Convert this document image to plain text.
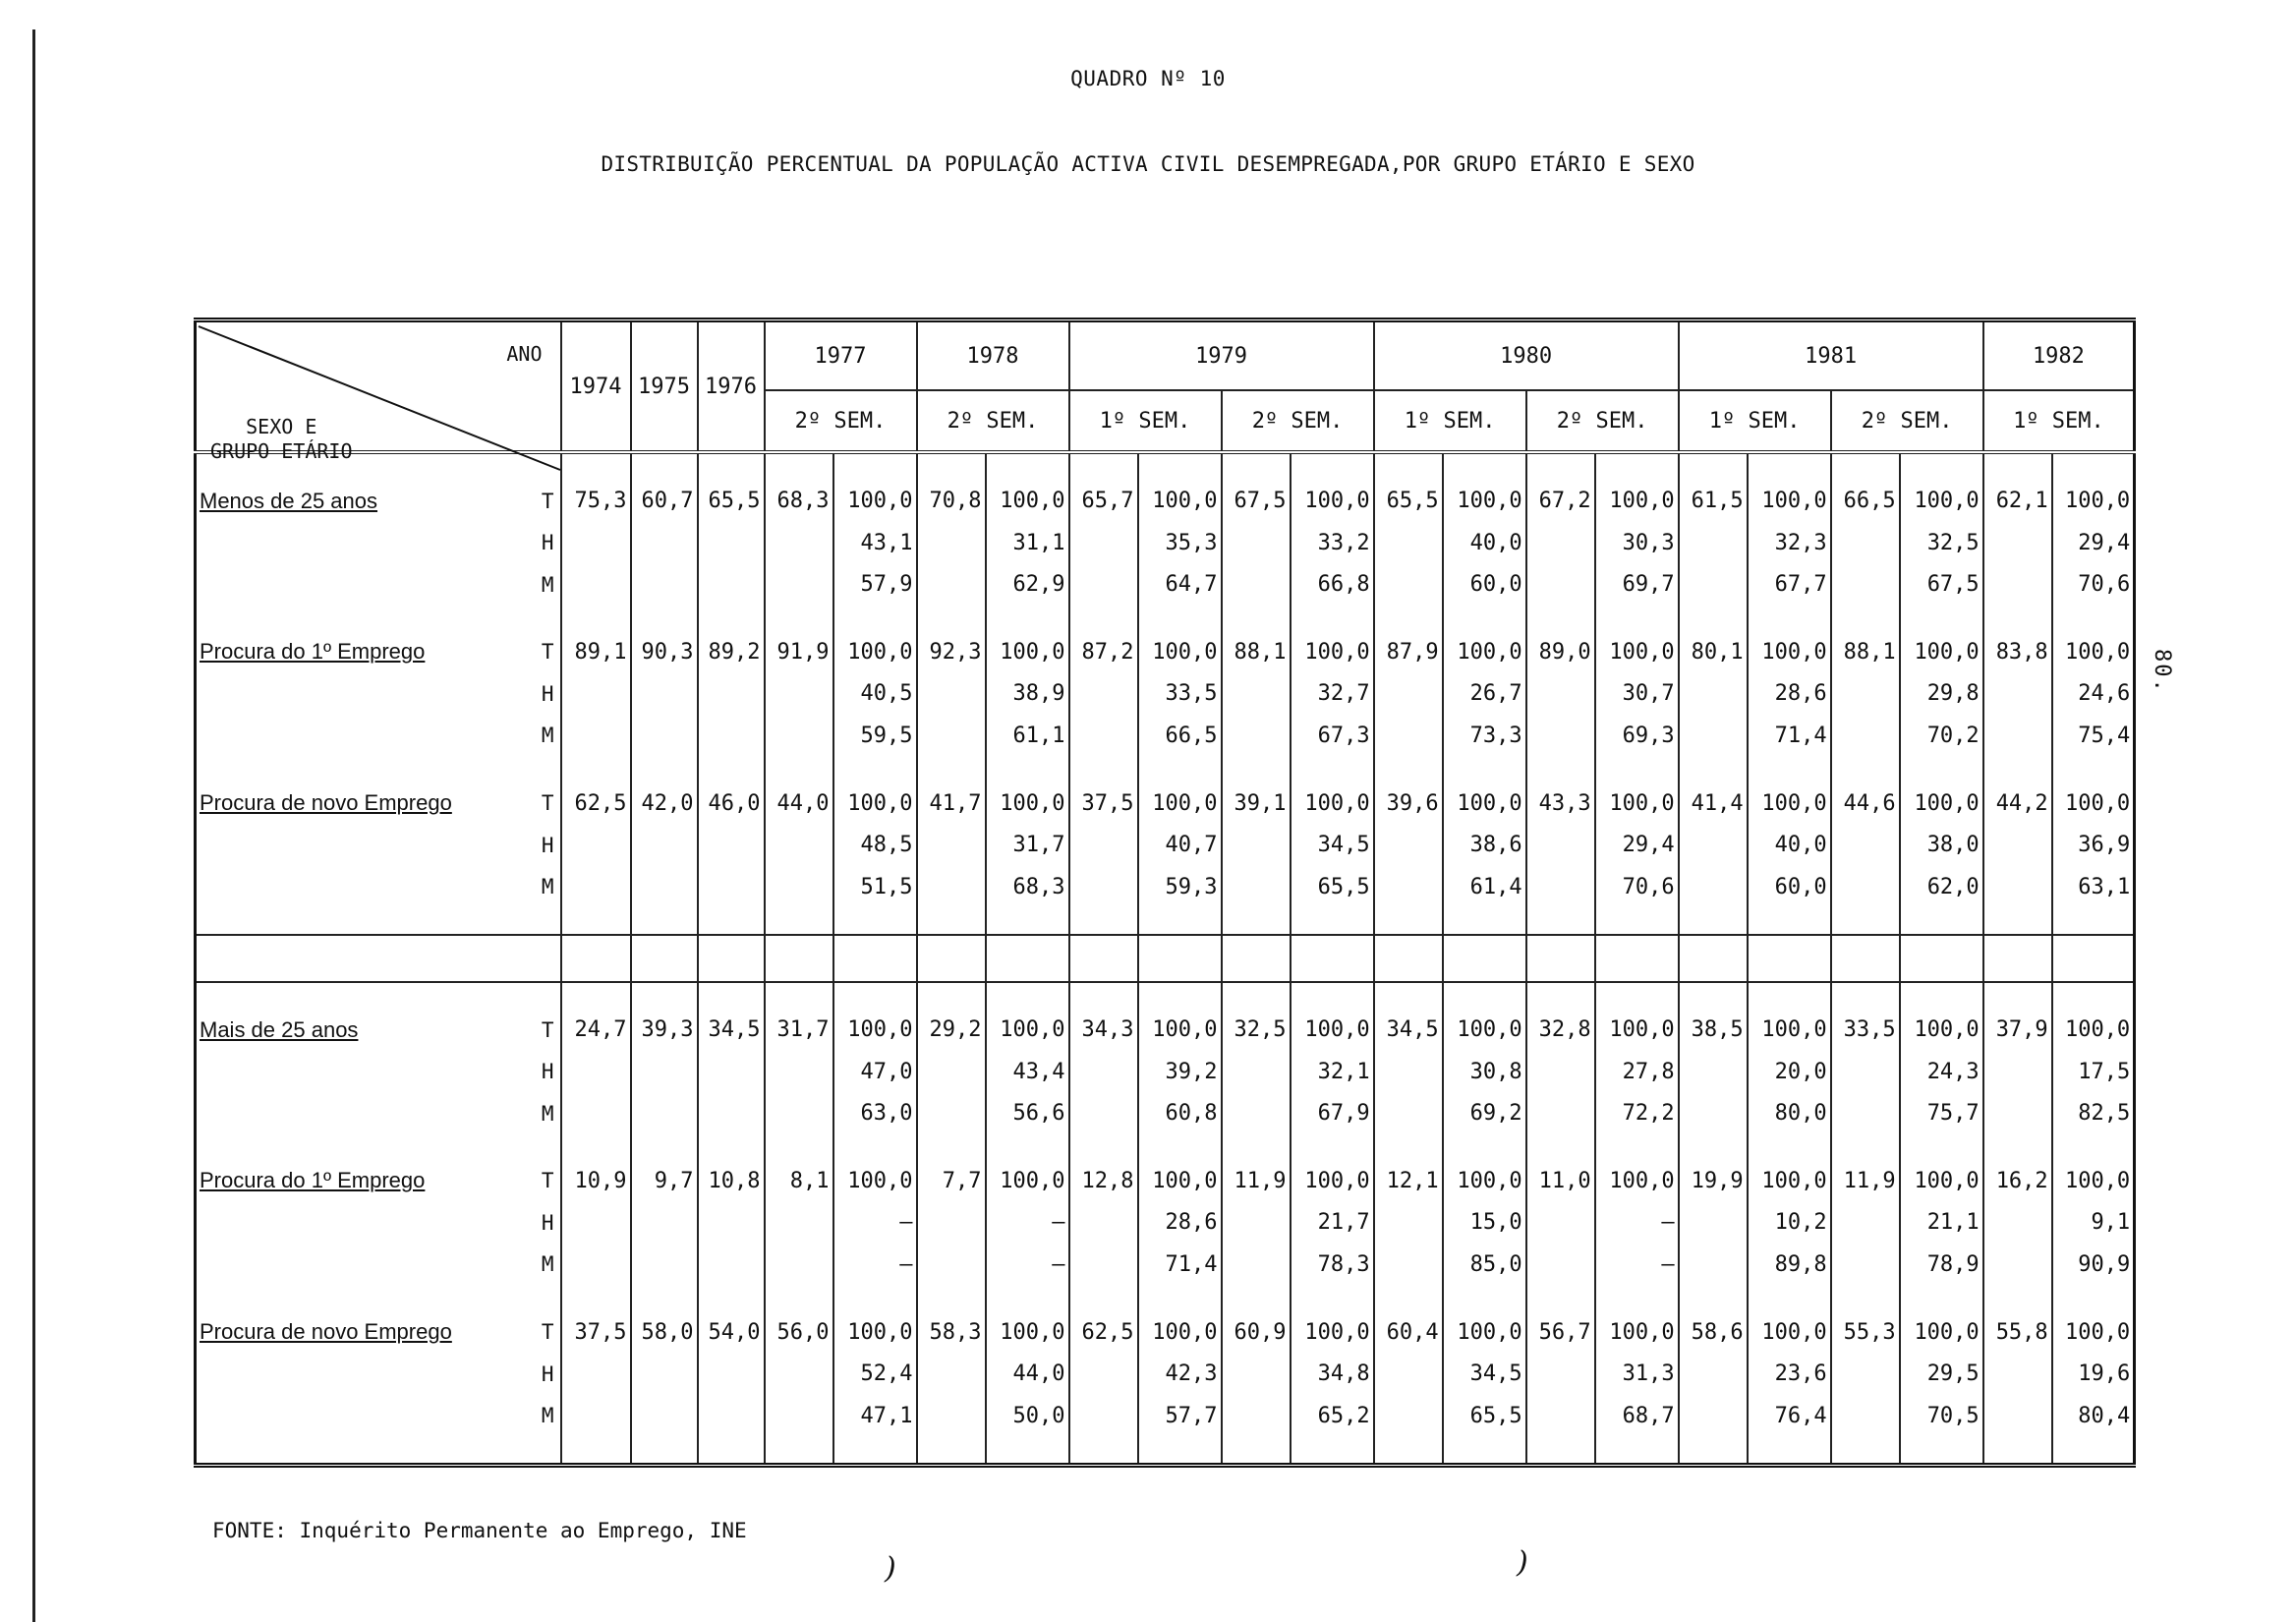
QUADRO Nº 10
DISTRIBUIÇÃO PERCENTUAL DA POPULAÇÃO ACTIVA CIVIL DESEMPREGADA,POR GRUPO ETÁRIO E SEXO
80.
ANO
SEXO E
GRUPO ETÁRIO	1974	1975	1976	1977		1978		1979				1980				1981				1982	
				2º SEM.		2º SEM.		1º SEM.		2º SEM.		1º SEM.		2º SEM.		1º SEM.		2º SEM.		1º SEM.	

Menos de 25 anos T	75,3	60,7	65,5	68,3	100,0	70,8	100,0	65,7	100,0	67,5	100,0	65,5	100,0	67,2	100,0	61,5	100,0	66,5	100,0	62,1	100,0

H					43,1		31,1		35,3		33,2		40,0		30,3		32,3		32,5		29,4

M					57,9		62,9		64,7		66,8		60,0		69,7		67,7		67,5		70,6

Procura do 1º Emprego T	89,1	90,3	89,2	91,9	100,0	92,3	100,0	87,2	100,0	88,1	100,0	87,9	100,0	89,0	100,0	80,1	100,0	88,1	100,0	83,8	100,0

H					40,5		38,9		33,5		32,7		26,7		30,7		28,6		29,8		24,6

M					59,5		61,1		66,5		67,3		73,3		69,3		71,4		70,2		75,4

Procura de novo Emprego T	62,5	42,0	46,0	44,0	100,0	41,7	100,0	37,5	100,0	39,1	100,0	39,6	100,0	43,3	100,0	41,4	100,0	44,6	100,0	44,2	100,0

H					48,5		31,7		40,7		34,5		38,6		29,4		40,0		38,0		36,9

M					51,5		68,3		59,3		65,5		61,4		70,6		60,0		62,0		63,1

Mais de 25 anos T	24,7	39,3	34,5	31,7	100,0	29,2	100,0	34,3	100,0	32,5	100,0	34,5	100,0	32,8	100,0	38,5	100,0	33,5	100,0	37,9	100,0

H					47,0		43,4		39,2		32,1		30,8		27,8		20,0		24,3		17,5

M					63,0		56,6		60,8		67,9		69,2		72,2		80,0		75,7		82,5

Procura do 1º Emprego T	10,9	9,7	10,8	8,1	100,0	7,7	100,0	12,8	100,0	11,9	100,0	12,1	100,0	11,0	100,0	19,9	100,0	11,9	100,0	16,2	100,0

H					—		—		28,6		21,7		15,0		—		10,2		21,1		9,1

M					—		—		71,4		78,3		85,0		—		89,8		78,9		90,9

Procura de novo Emprego T	37,5	58,0	54,0	56,0	100,0	58,3	100,0	62,5	100,0	60,9	100,0	60,4	100,0	56,7	100,0	58,6	100,0	55,3	100,0	55,8	100,0

H					52,4		44,0		42,3		34,8		34,5		31,3		23,6		29,5		19,6

M					47,1		50,0		57,7		65,2		65,5		68,7		76,4		70,5		80,4

FONTE: Inquérito Permanente ao Emprego, INE
)	)
